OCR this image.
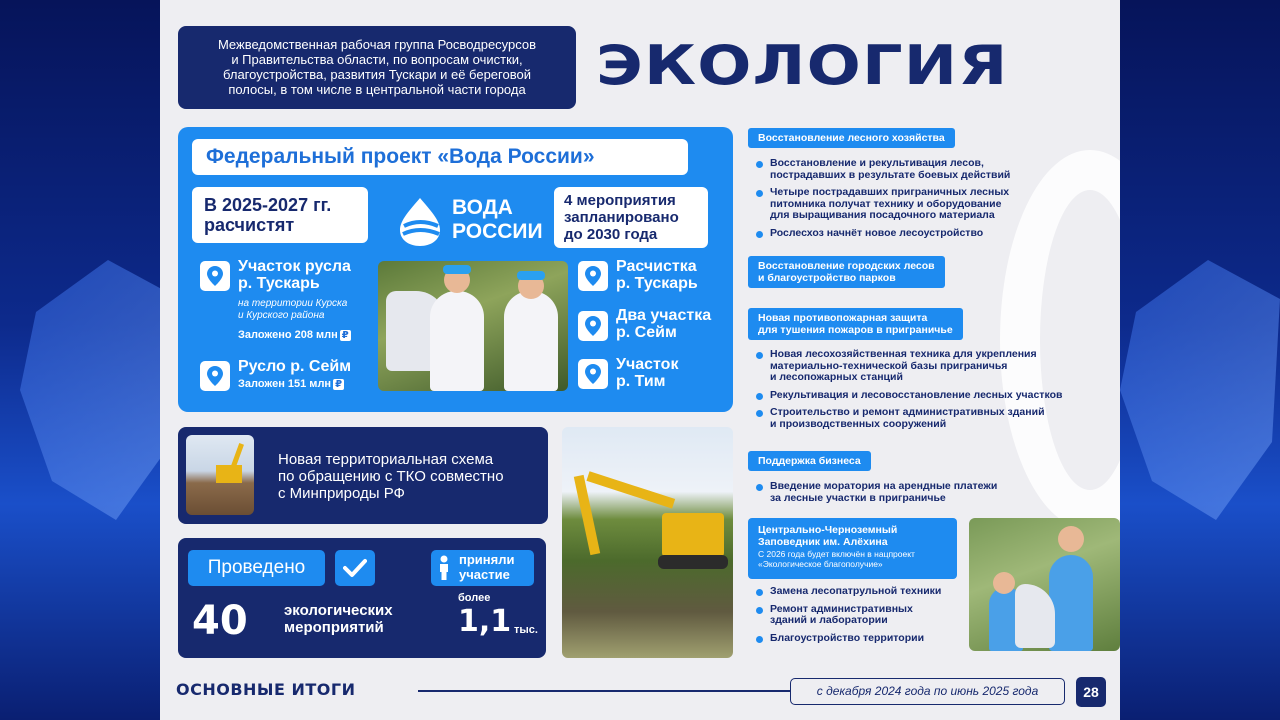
Межведомственная рабочая группа Росводресурсов
и Правительства области, по вопросам очистки,
благоустройства, развития Тускари и её береговой
полосы, в том числе в центральной части города	ЭКОЛОГИЯ
Федеральный проект «Вода России»
В 2025-2027 гг.
расчистят
ВОДА
РОССИИ
4 мероприятия
запланировано
до 2030 года
Участок русла
р. Тускарь
на территории Курска
и Курского района
Заложено 208 млн ₽
Русло р. Сейм
Заложен 151 млн ₽
Расчистка
р. Тускарь
Два участка
р. Сейм
Участок
р. Тим
Новая территориальная схема
по обращению с ТКО совместно
с Минприроды РФ
Проведено
40 экологических
мероприятий
приняли
участие
более
1,1 тыс.
Восстановление лесного хозяйства
Восстановление и рекультивация лесов,
пострадавших в результате боевых действий
Четыре пострадавших приграничных лесных
питомника получат технику и оборудование
для выращивания посадочного материала
Рослесхоз начнёт новое лесоустройство
Восстановление городских лесов
и благоустройство парков
Новая противопожарная защита
для тушения пожаров в приграничье
Новая лесохозяйственная техника для укрепления
материально-технической базы приграничья
и лесопожарных станций
Рекультивация и лесовосстановление лесных участков
Строительство и ремонт административных зданий
и производственных сооружений
Поддержка бизнеса
Введение моратория на арендные платежи
за лесные участки в приграничье
Центрально-Черноземный
Заповедник им. Алёхина
С 2026 года будет включён в нацпроект
«Экологическое благополучие»
Замена лесопатрульной техники
Ремонт административных
зданий и лаборатории
Благоустройство территории
ОСНОВНЫЕ ИТОГИ	с декабря 2024 года по июнь 2025 года	28
